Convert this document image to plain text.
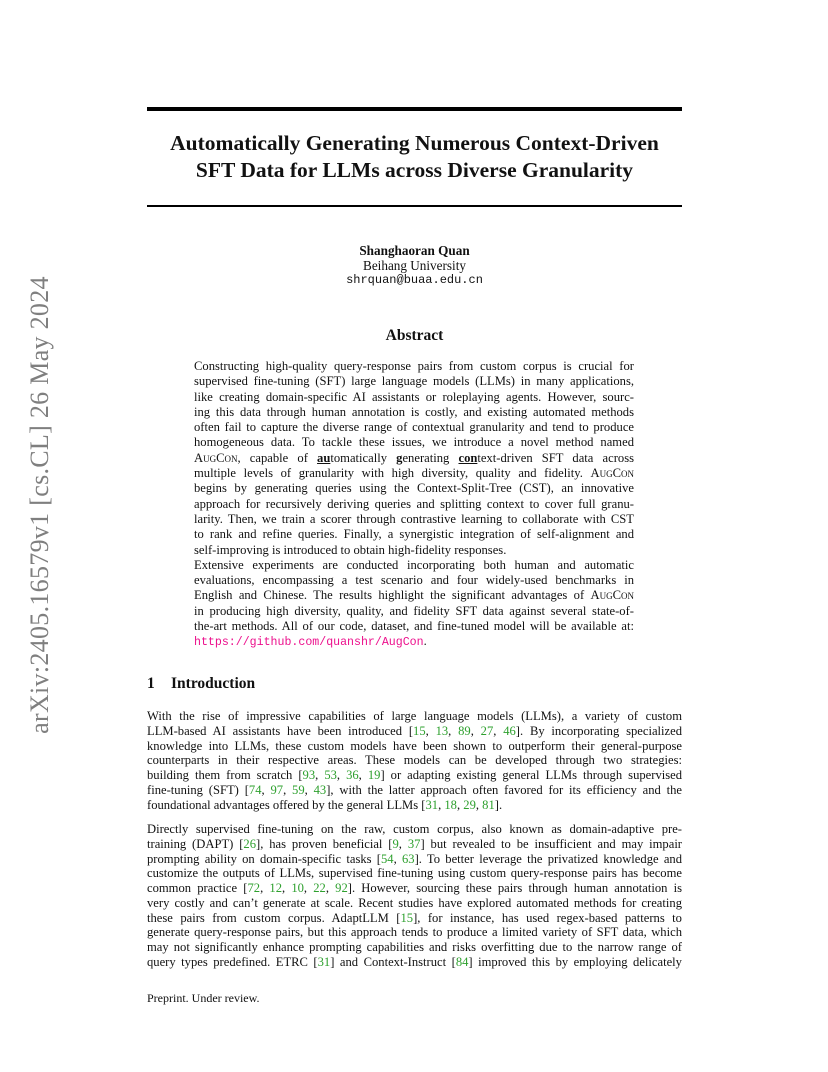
arXiv:2405.16579v1 [cs.CL] 26 May 2024
Automatically Generating Numerous Context-Driven
SFT Data for LLMs across Diverse Granularity
Shanghaoran Quan
Beihang University
shrquan@buaa.edu.cn
Abstract
Constructing high-quality query-response pairs from custom corpus is crucial for
supervised fine-tuning (SFT) large language models (LLMs) in many applications,
like creating domain-specific AI assistants or roleplaying agents. However, sourc-
ing this data through human annotation is costly, and existing automated methods
often fail to capture the diverse range of contextual granularity and tend to produce
homogeneous data. To tackle these issues, we introduce a novel method named
AugCon, capable of automatically generating context-driven SFT data across
multiple levels of granularity with high diversity, quality and fidelity. AugCon
begins by generating queries using the Context-Split-Tree (CST), an innovative
approach for recursively deriving queries and splitting context to cover full granu-
larity. Then, we train a scorer through contrastive learning to collaborate with CST
to rank and refine queries. Finally, a synergistic integration of self-alignment and
self-improving is introduced to obtain high-fidelity responses.
Extensive experiments are conducted incorporating both human and automatic
evaluations, encompassing a test scenario and four widely-used benchmarks in
English and Chinese. The results highlight the significant advantages of AugCon
in producing high diversity, quality, and fidelity SFT data against several state-of-
the-art methods. All of our code, dataset, and fine-tuned model will be available at:
https://github.com/quanshr/AugCon.
1 Introduction
With the rise of impressive capabilities of large language models (LLMs), a variety of custom
LLM-based AI assistants have been introduced [15, 13, 89, 27, 46]. By incorporating specialized
knowledge into LLMs, these custom models have been shown to outperform their general-purpose
counterparts in their respective areas. These models can be developed through two strategies:
building them from scratch [93, 53, 36, 19] or adapting existing general LLMs through supervised
fine-tuning (SFT) [74, 97, 59, 43], with the latter approach often favored for its efficiency and the
foundational advantages offered by the general LLMs [31, 18, 29, 81].
Directly supervised fine-tuning on the raw, custom corpus, also known as domain-adaptive pre-
training (DAPT) [26], has proven beneficial [9, 37] but revealed to be insufficient and may impair
prompting ability on domain-specific tasks [54, 63]. To better leverage the privatized knowledge and
customize the outputs of LLMs, supervised fine-tuning using custom query-response pairs has become
common practice [72, 12, 10, 22, 92]. However, sourcing these pairs through human annotation is
very costly and can’t generate at scale. Recent studies have explored automated methods for creating
these pairs from custom corpus. AdaptLLM [15], for instance, has used regex-based patterns to
generate query-response pairs, but this approach tends to produce a limited variety of SFT data, which
may not significantly enhance prompting capabilities and risks overfitting due to the narrow range of
query types predefined. ETRC [31] and Context-Instruct [84] improved this by employing delicately
Preprint. Under review.
